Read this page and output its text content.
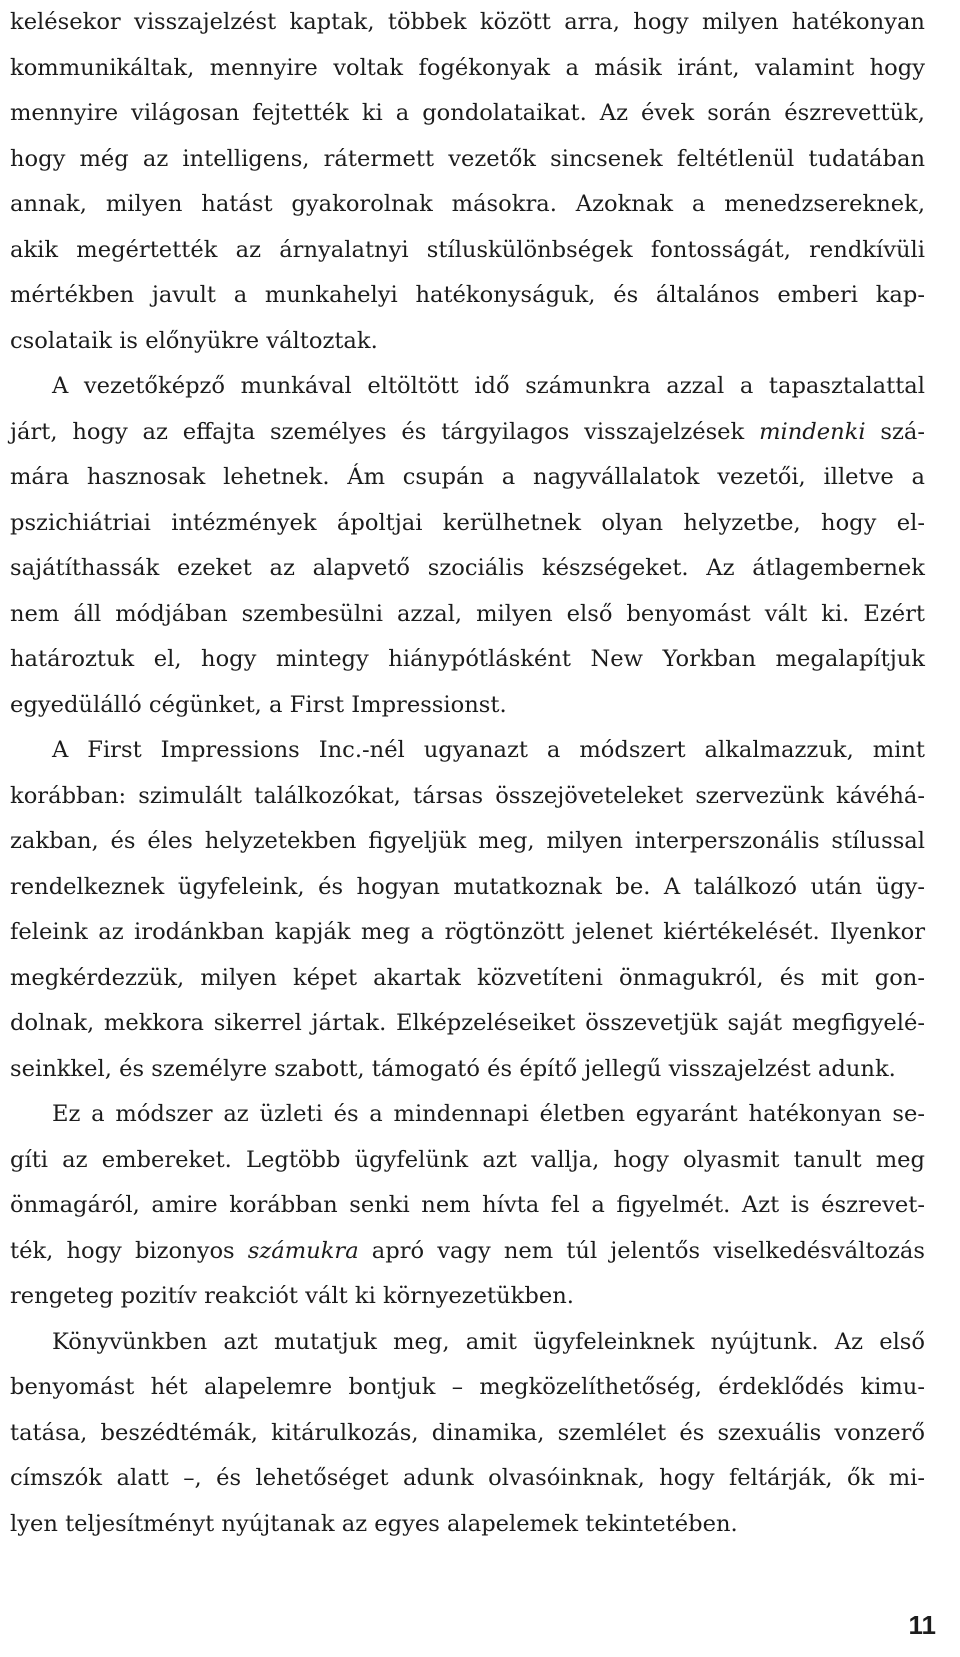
kelésekor visszajelzést kaptak, többek között arra, hogy milyen hatékonyan
kommunikáltak, mennyire voltak fogékonyak a másik iránt, valamint hogy
mennyire világosan fejtették ki a gondolataikat. Az évek során észrevettük,
hogy még az intelligens, rátermett vezetők sincsenek feltétlenül tudatában
annak, milyen hatást gyakorolnak másokra. Azoknak a menedzsereknek,
akik megértették az árnyalatnyi stíluskülönbségek fontosságát, rendkívüli
mértékben javult a munkahelyi hatékonyságuk, és általános emberi kap-
csolataik is előnyükre változtak.
A vezetőképző munkával eltöltött idő számunkra azzal a tapasztalattal
járt, hogy az effajta személyes és tárgyilagos visszajelzések mindenki szá-
mára hasznosak lehetnek. Ám csupán a nagyvállalatok vezetői, illetve a
pszichiátriai intézmények ápoltjai kerülhetnek olyan helyzetbe, hogy el-
sajátíthassák ezeket az alapvető szociális készségeket. Az átlagembernek
nem áll módjában szembesülni azzal, milyen első benyomást vált ki. Ezért
határoztuk el, hogy mintegy hiánypótlásként New Yorkban megalapítjuk
egyedülálló cégünket, a First Impressionst.
A First Impressions Inc.-nél ugyanazt a módszert alkalmazzuk, mint
korábban: szimulált találkozókat, társas összejöveteleket szervezünk kávéhá-
zakban, és éles helyzetekben figyeljük meg, milyen interperszonális stílussal
rendelkeznek ügyfeleink, és hogyan mutatkoznak be. A találkozó után ügy-
feleink az irodánkban kapják meg a rögtönzött jelenet kiértékelését. Ilyenkor
megkérdezzük, milyen képet akartak közvetíteni önmagukról, és mit gon-
dolnak, mekkora sikerrel jártak. Elképzeléseiket összevetjük saját megfigyelé-
seinkkel, és személyre szabott, támogató és építő jellegű visszajelzést adunk.
Ez a módszer az üzleti és a mindennapi életben egyaránt hatékonyan se-
gíti az embereket. Legtöbb ügyfelünk azt vallja, hogy olyasmit tanult meg
önmagáról, amire korábban senki nem hívta fel a figyelmét. Azt is észrevet-
ték, hogy bizonyos számukra apró vagy nem túl jelentős viselkedésváltozás
rengeteg pozitív reakciót vált ki környezetükben.
Könyvünkben azt mutatjuk meg, amit ügyfeleinknek nyújtunk. Az első
benyomást hét alapelemre bontjuk – megközelíthetőség, érdeklődés kimu-
tatása, beszédtémák, kitárulkozás, dinamika, szemlélet és szexuális vonzerő
címszók alatt –, és lehetőséget adunk olvasóinknak, hogy feltárják, ők mi-
lyen teljesítményt nyújtanak az egyes alapelemek tekintetében.
11
